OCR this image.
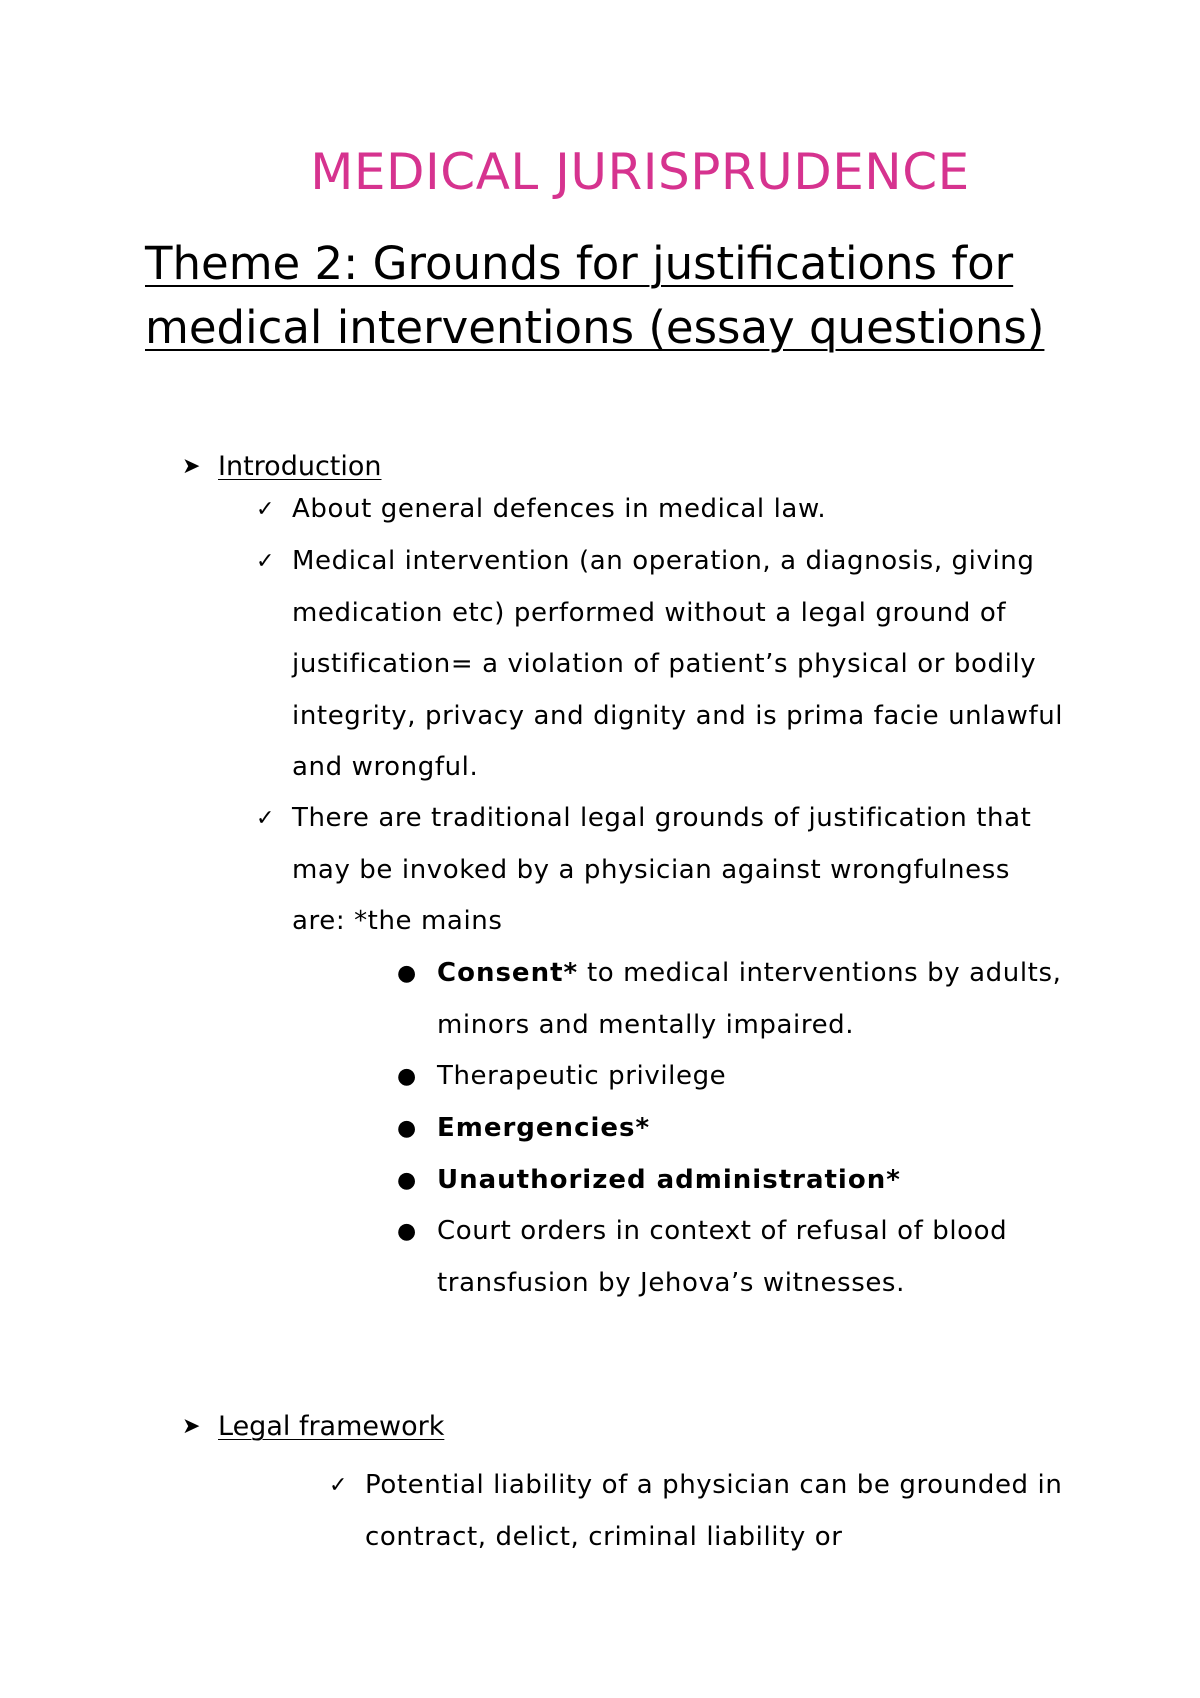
MEDICAL JURISPRUDENCE
Theme 2: Grounds for justifications for medical interventions (essay questions)
➤ Introduction
✓ About general defences in medical law.
✓ Medical intervention (an operation, a diagnosis, giving medication etc) performed without a legal ground of justification= a violation of patient’s physical or bodily integrity, privacy and dignity and is prima facie unlawful and wrongful.
✓ There are traditional legal grounds of justification that may be invoked by a physician against wrongfulness are: *the mains
● Consent* to medical interventions by adults, minors and mentally impaired.
● Therapeutic privilege
● Emergencies*
● Unauthorized administration*
● Court orders in context of refusal of blood transfusion by Jehova’s witnesses.
➤ Legal framework
✓ Potential liability of a physician can be grounded in contract, delict, criminal liability or
